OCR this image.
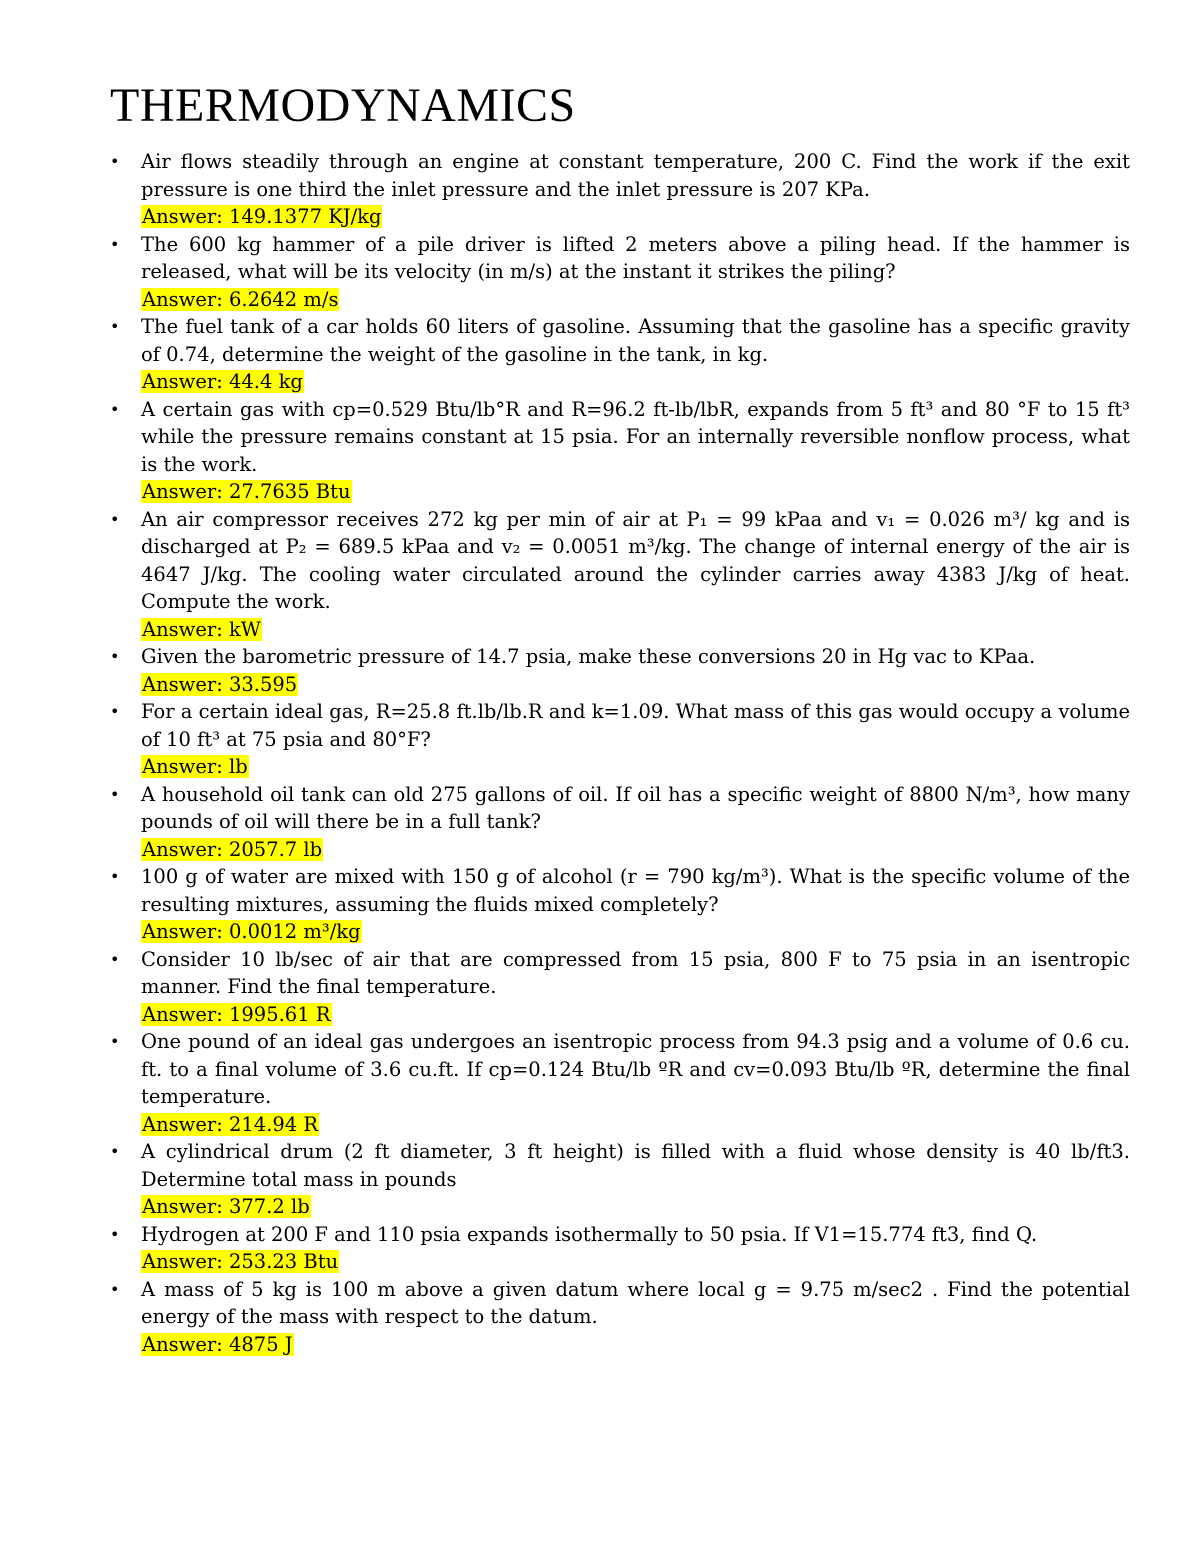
THERMODYNAMICS
•	Air flows steadily through an engine at constant temperature, 200 C. Find the work if the exit pressure is one third the inlet pressure and the inlet pressure is 207 KPa.
Answer: 149.1377 KJ/kg
•	The 600 kg hammer of a pile driver is lifted 2 meters above a piling head. If the hammer is released, what will be its velocity (in m/s) at the instant it strikes the piling?
Answer: 6.2642 m/s
•	The fuel tank of a car holds 60 liters of gasoline. Assuming that the gasoline has a specific gravity of 0.74, determine the weight of the gasoline in the tank, in kg.
Answer: 44.4 kg
•	A certain gas with cp=0.529 Btu/lb°R and R=96.2 ft-lb/lbR, expands from 5 ft³ and 80 °F to 15 ft³ while the pressure remains constant at 15 psia. For an internally reversible nonflow process, what is the work.
Answer: 27.7635 Btu
•	An air compressor receives 272 kg per min of air at P₁ = 99 kPaa and v₁ = 0.026 m³/ kg and is discharged at P₂ = 689.5 kPaa and v₂ = 0.0051 m³/kg. The change of internal energy of the air is 4647 J/kg. The cooling water circulated around the cylinder carries away 4383 J/kg of heat. Compute the work.
Answer: kW
•	Given the barometric pressure of 14.7 psia, make these conversions 20 in Hg vac to KPaa.
Answer: 33.595
•	For a certain ideal gas, R=25.8 ft.lb/lb.R and k=1.09. What mass of this gas would occupy a volume of 10 ft³ at 75 psia and 80°F?
Answer: lb
•	A household oil tank can old 275 gallons of oil. If oil has a specific weight of 8800 N/m³, how many pounds of oil will there be in a full tank?
Answer: 2057.7 lb
•	100 g of water are mixed with 150 g of alcohol (r = 790 kg/m³). What is the specific volume of the resulting mixtures, assuming the fluids mixed completely?
Answer: 0.0012 m³/kg
•	Consider 10 lb/sec of air that are compressed from 15 psia, 800 F to 75 psia in an isentropic manner. Find the final temperature.
Answer: 1995.61 R
•	One pound of an ideal gas undergoes an isentropic process from 94.3 psig and a volume of 0.6 cu. ft. to a final volume of 3.6 cu.ft. If cp=0.124 Btu/lb ºR and cv=0.093 Btu/lb ºR, determine the final temperature.
Answer: 214.94 R
•	A cylindrical drum (2 ft diameter, 3 ft height) is filled with a fluid whose density is 40 lb/ft3. Determine total mass in pounds
Answer: 377.2 lb
•	Hydrogen at 200 F and 110 psia expands isothermally to 50 psia. If V1=15.774 ft3, find Q.
Answer: 253.23 Btu
•	A mass of 5 kg is 100 m above a given datum where local g = 9.75 m/sec2 . Find the potential energy of the mass with respect to the datum.
Answer: 4875 J
